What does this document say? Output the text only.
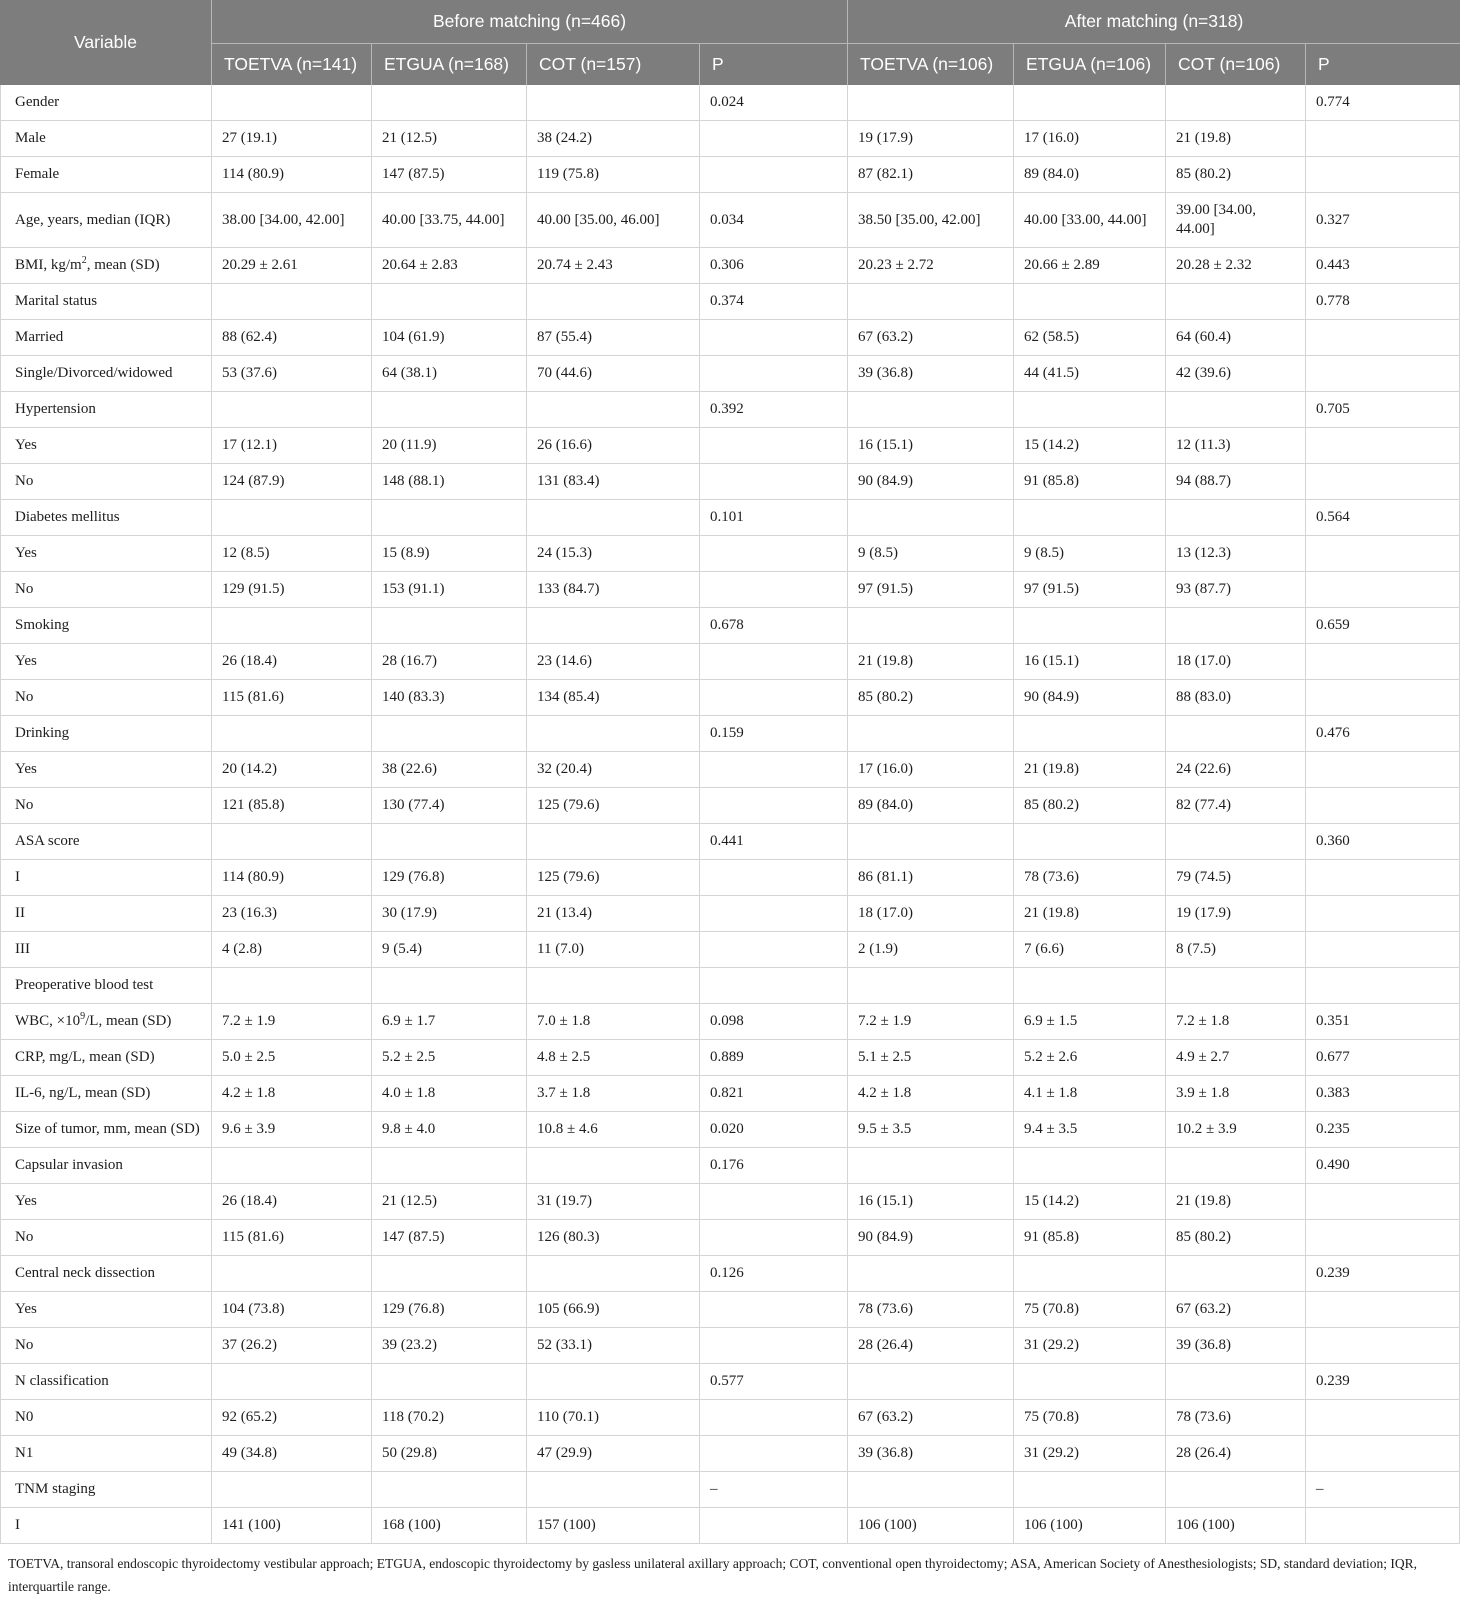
Variable	Before matching (n=466)				After matching (n=318)			
	TOETVA (n=141)	ETGUA (n=168)	COT (n=157)	P	TOETVA (n=106)	ETGUA (n=106)	COT (n=106)	P
Gender				0.024				0.774
Male	27 (19.1)	21 (12.5)	38 (24.2)		19 (17.9)	17 (16.0)	21 (19.8)	
Female	114 (80.9)	147 (87.5)	119 (75.8)		87 (82.1)	89 (84.0)	85 (80.2)	
Age, years, median (IQR)	38.00 [34.00, 42.00]	40.00 [33.75, 44.00]	40.00 [35.00, 46.00]	0.034	38.50 [35.00, 42.00]	40.00 [33.00, 44.00]	39.00 [34.00, 44.00]	0.327
BMI, $kg/m^2$, mean (SD)	20.29 ± 2.61	20.64 ± 2.83	20.74 ± 2.43	0.306	20.23 ± 2.72	20.66 ± 2.89	20.28 ± 2.32	0.443
Marital status				0.374				0.778
Married	88 (62.4)	104 (61.9)	87 (55.4)		67 (63.2)	62 (58.5)	64 (60.4)	
Single/Divorced/widowed	53 (37.6)	64 (38.1)	70 (44.6)		39 (36.8)	44 (41.5)	42 (39.6)	
Hypertension				0.392				0.705
Yes	17 (12.1)	20 (11.9)	26 (16.6)		16 (15.1)	15 (14.2)	12 (11.3)	
No	124 (87.9)	148 (88.1)	131 (83.4)		90 (84.9)	91 (85.8)	94 (88.7)	
Diabetes mellitus				0.101				0.564
Yes	12 (8.5)	15 (8.9)	24 (15.3)		9 (8.5)	9 (8.5)	13 (12.3)	
No	129 (91.5)	153 (91.1)	133 (84.7)		97 (91.5)	97 (91.5)	93 (87.7)	
Smoking				0.678				0.659
Yes	26 (18.4)	28 (16.7)	23 (14.6)		21 (19.8)	16 (15.1)	18 (17.0)	
No	115 (81.6)	140 (83.3)	134 (85.4)		85 (80.2)	90 (84.9)	88 (83.0)	
Drinking				0.159				0.476
Yes	20 (14.2)	38 (22.6)	32 (20.4)		17 (16.0)	21 (19.8)	24 (22.6)	
No	121 (85.8)	130 (77.4)	125 (79.6)		89 (84.0)	85 (80.2)	82 (77.4)	
ASA score				0.441				0.360
I	114 (80.9)	129 (76.8)	125 (79.6)		86 (81.1)	78 (73.6)	79 (74.5)	
II	23 (16.3)	30 (17.9)	21 (13.4)		18 (17.0)	21 (19.8)	19 (17.9)	
III	4 (2.8)	9 (5.4)	11 (7.0)		2 (1.9)	7 (6.6)	8 (7.5)	
Preoperative blood test								
WBC, $\times 10^9/L$, mean (SD)	7.2 ± 1.9	6.9 ± 1.7	7.0 ± 1.8	0.098	7.2 ± 1.9	6.9 ± 1.5	7.2 ± 1.8	0.351
CRP, mg/L, mean (SD)	5.0 ± 2.5	5.2 ± 2.5	4.8 ± 2.5	0.889	5.1 ± 2.5	5.2 ± 2.6	4.9 ± 2.7	0.677
IL-6, ng/L, mean (SD)	4.2 ± 1.8	4.0 ± 1.8	3.7 ± 1.8	0.821	4.2 ± 1.8	4.1 ± 1.8	3.9 ± 1.8	0.383
Size of tumor, mm, mean (SD)	9.6 ± 3.9	9.8 ± 4.0	10.8 ± 4.6	0.020	9.5 ± 3.5	9.4 ± 3.5	10.2 ± 3.9	0.235
Capsular invasion				0.176				0.490
Yes	26 (18.4)	21 (12.5)	31 (19.7)		16 (15.1)	15 (14.2)	21 (19.8)	
No	115 (81.6)	147 (87.5)	126 (80.3)		90 (84.9)	91 (85.8)	85 (80.2)	
Central neck dissection				0.126				0.239
Yes	104 (73.8)	129 (76.8)	105 (66.9)		78 (73.6)	75 (70.8)	67 (63.2)	
No	37 (26.2)	39 (23.2)	52 (33.1)		28 (26.4)	31 (29.2)	39 (36.8)	
N classification				0.577				0.239
N0	92 (65.2)	118 (70.2)	110 (70.1)		67 (63.2)	75 (70.8)	78 (73.6)	
N1	49 (34.8)	50 (29.8)	47 (29.9)		39 (36.8)	31 (29.2)	28 (26.4)	
TNM staging				–				–
I	141 (100)	168 (100)	157 (100)		106 (100)	106 (100)	106 (100)	
TOETVA, transoral endoscopic thyroidectomy vestibular approach; ETGUA, endoscopic thyroidectomy by gasless unilateral axillary approach; COT, conventional open thyroidectomy; ASA, American Society of Anesthesiologists; SD, standard deviation; IQR, interquartile range.
